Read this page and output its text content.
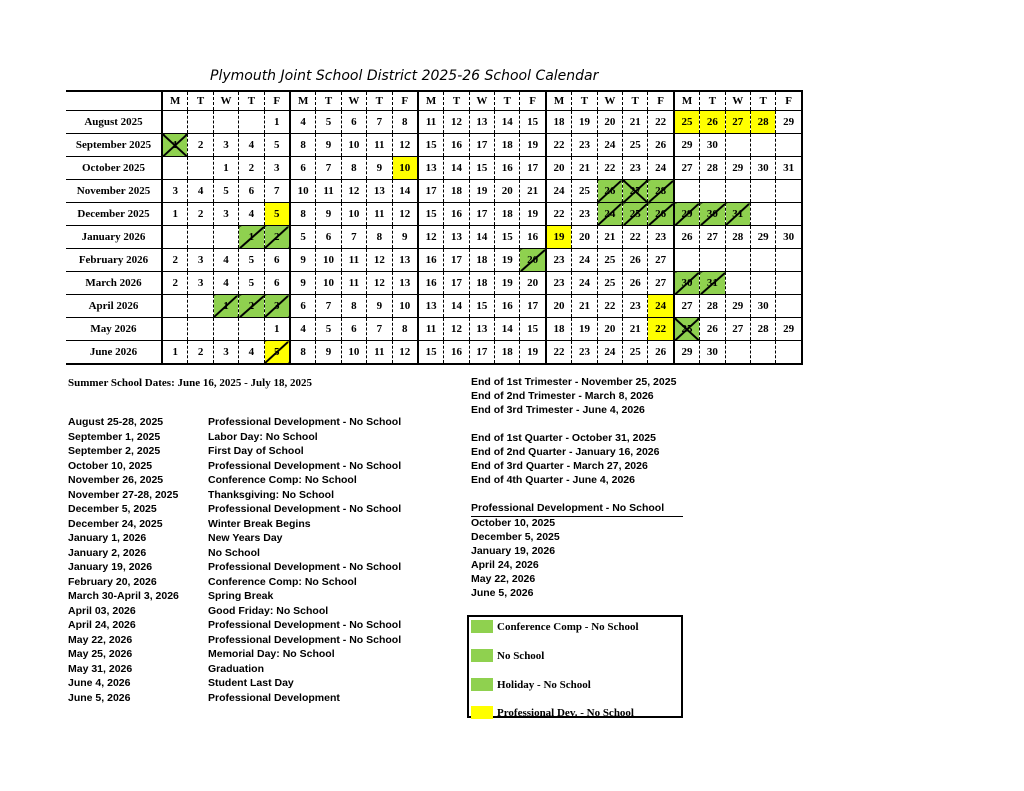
Plymouth Joint School District 2025-26 School Calendar
	M	T	W	T	F	M	T	W	T	F	M	T	W	T	F	M	T	W	T	F	M	T	W	T	F
August 2025					1	4	5	6	7	8	11	12	13	14	15	18	19	20	21	22	25	26	27	28	29
September 2025	1	2	3	4	5	8	9	10	11	12	15	16	17	18	19	22	23	24	25	26	29	30			
October 2025			1	2	3	6	7	8	9	10	13	14	15	16	17	20	21	22	23	24	27	28	29	30	31
November 2025	3	4	5	6	7	10	11	12	13	14	17	18	19	20	21	24	25	26	27	28					
December 2025	1	2	3	4	5	8	9	10	11	12	15	16	17	18	19	22	23	24	25	26	29	30	31		
January 2026				1	2	5	6	7	8	9	12	13	14	15	16	19	20	21	22	23	26	27	28	29	30
February 2026	2	3	4	5	6	9	10	11	12	13	16	17	18	19	20	23	24	25	26	27					
March 2026	2	3	4	5	6	9	10	11	12	13	16	17	18	19	20	23	24	25	26	27	30	31			
April 2026			1	2	3	6	7	8	9	10	13	14	15	16	17	20	21	22	23	24	27	28	29	30	
May 2026					1	4	5	6	7	8	11	12	13	14	15	18	19	20	21	22	25	26	27	28	29
June 2026	1	2	3	4	5	8	9	10	11	12	15	16	17	18	19	22	23	24	25	26	29	30			
Summer School Dates: June 16, 2025 - July 18, 2025
August 25-28, 2025	Professional Development - No School
September 1, 2025	Labor Day: No School
September 2, 2025	First Day of School
October 10, 2025	Professional Development - No School
November 26, 2025	Conference Comp: No School
November 27-28, 2025	Thanksgiving: No School
December 5, 2025	Professional Development - No School
December 24, 2025	Winter Break Begins
January 1, 2026	New Years Day
January 2, 2026	No School
January 19, 2026	Professional Development - No School
February 20, 2026	Conference Comp: No School
March 30-April 3, 2026	Spring Break
April 03, 2026	Good Friday: No School
April 24, 2026	Professional Development - No School
May 22, 2026	Professional Development - No School
May 25, 2026	Memorial Day: No School
May 31, 2026	Graduation
June 4, 2026	Student Last Day
June 5, 2026	Professional Development
End of 1st Trimester - November 25, 2025
End of 2nd Trimester - March 8, 2026
End of 3rd Trimester - June 4, 2026
End of 1st Quarter - October 31, 2025
End of 2nd Quarter - January 16, 2026
End of 3rd Quarter - March 27, 2026
End of 4th Quarter - June 4, 2026
Professional Development - No School
October 10, 2025
December 5, 2025
January 19, 2026
April 24, 2026
May 22, 2026
June 5, 2026
Conference Comp - No School
No School
Holiday - No School
Professional Dev. - No School
